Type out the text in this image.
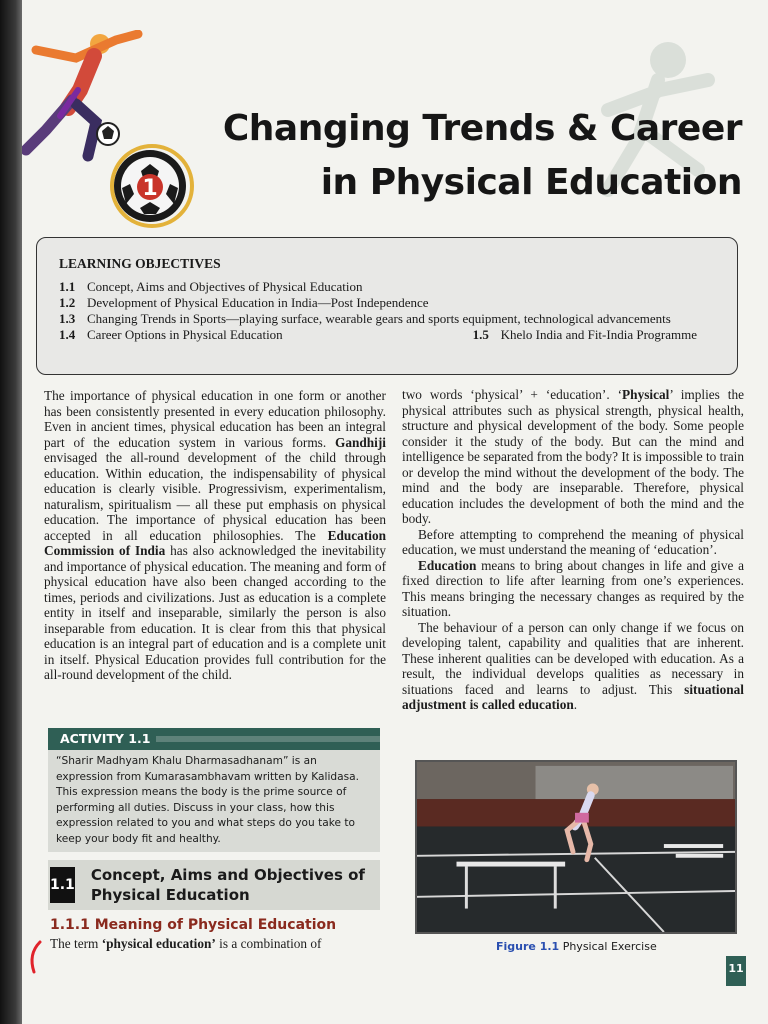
1
Changing Trends & Career
in Physical Education
LEARNING OBJECTIVES
1.1 Concept, Aims and Objectives of Physical Education
1.2 Development of Physical Education in India—Post Independence
1.3 Changing Trends in Sports—playing surface, wearable gears and sports equipment, technological advancements
1.4 Career Options in Physical Education	1.5 Khelo India and Fit-India Programme

The importance of physical education in one form or another has been consistently presented in every education philosophy. Even in ancient times, physical education has been an integral part of the education system in various forms. Gandhiji envisaged the all-round development of the child through education. Within education, the indispensability of physical education is clearly visible. Progressivism, experimentalism, naturalism, spiritualism — all these put emphasis on physical education. The importance of physical education has been accepted in all education philosophies. The Education Commission of India has also acknowledged the inevitability and importance of physical education. The meaning and form of physical education have also been changed according to the times, periods and civilizations. Just as education is a complete entity in itself and inseparable, similarly the person is also inseparable from education. It is clear from this that physical education is an integral part of education and is a complete unit in itself. Physical Education provides full contribution for the all-round development of the child.

ACTIVITY 1.1
“Sharir Madhyam Khalu Dharmasadhanam” is an expression from Kumarasambhavam written by Kalidasa. This expression means the body is the prime source of performing all duties. Discuss in your class, how this expression related to you and what steps do you take to keep your body fit and healthy.
1.1
Concept, Aims and Objectives of Physical Education
1.1.1 Meaning of Physical Education
The term ‘physical education’ is a combination of

two words ‘physical’ + ‘education’. ‘Physical’ implies the physical attributes such as physical strength, physical health, structure and physical development of the body. Some people consider it the study of the body. But can the mind and intelligence be separated from the body? It is impossible to train or develop the mind without the development of the body. The mind and the body are inseparable. Therefore, physical education includes the development of both the mind and the body.

Before attempting to comprehend the meaning of physical education, we must understand the meaning of ‘education’.

Education means to bring about changes in life and give a fixed direction to life after learning from one’s experiences. This means bringing the necessary changes as required by the situation.

The behaviour of a person can only change if we focus on developing talent, capability and qualities that are inherent. These inherent qualities can be developed with education. As a result, the individual develops qualities as necessary in situations faced and learns to adjust. This situational adjustment is called education.

Figure 1.1 Physical Exercise
11
